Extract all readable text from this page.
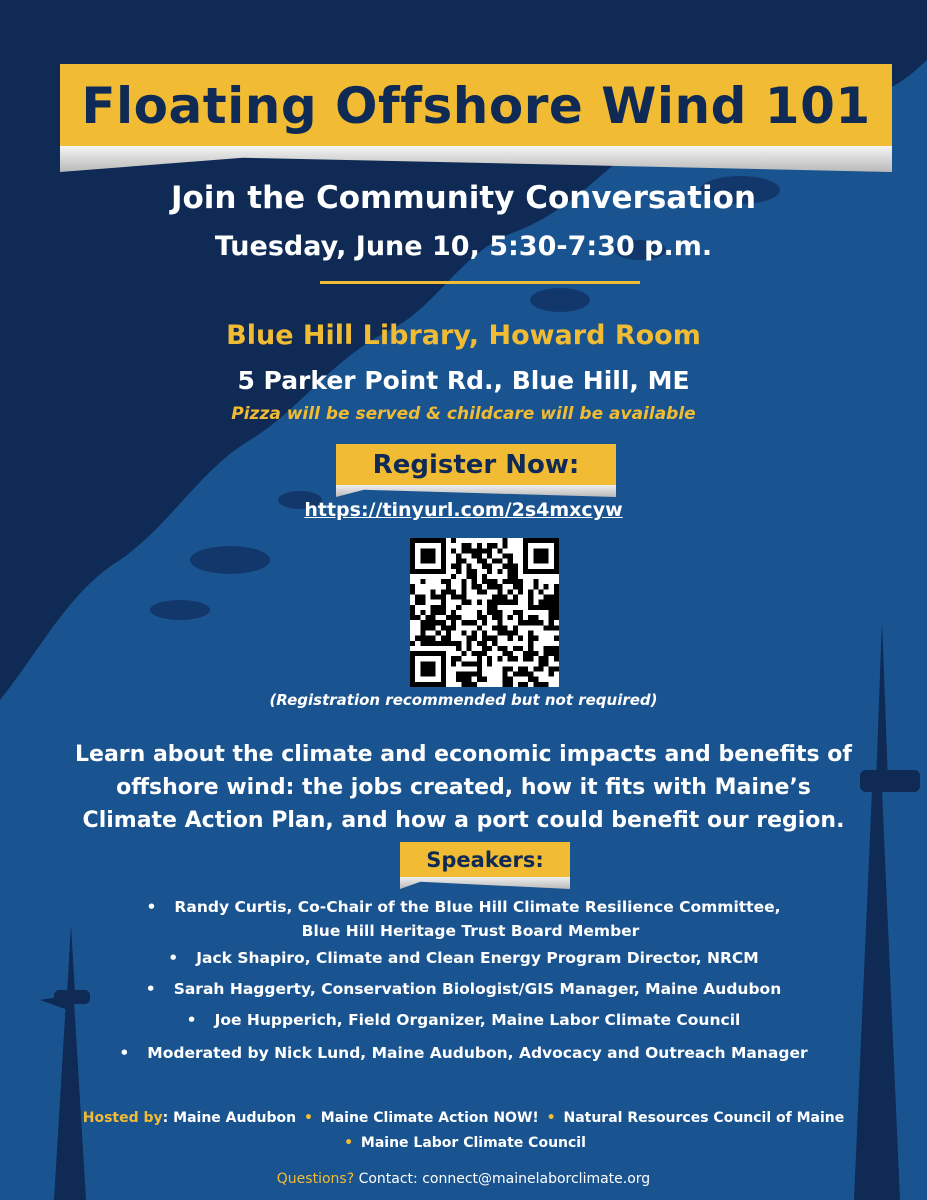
Floating Offshore Wind 101
Join the Community Conversation
Tuesday, June 10, 5:30-7:30 p.m.
Blue Hill Library, Howard Room
5 Parker Point Rd., Blue Hill, ME
Pizza will be served & childcare will be available
Register Now:
https://tinyurl.com/2s4mxcyw
(Registration recommended but not required)
Learn about the climate and economic impacts and benefits of
offshore wind: the jobs created, how it fits with Maine’s
Climate Action Plan, and how a port could benefit our region.
Speakers:
• Randy Curtis, Co-Chair of the Blue Hill Climate Resilience Committee,
Blue Hill Heritage Trust Board Member
• Jack Shapiro, Climate and Clean Energy Program Director, NRCM
• Sarah Haggerty, Conservation Biologist/GIS Manager, Maine Audubon
• Joe Hupperich, Field Organizer, Maine Labor Climate Council
• Moderated by Nick Lund, Maine Audubon, Advocacy and Outreach Manager
Hosted by: Maine Audubon • Maine Climate Action NOW! • Natural Resources Council of Maine
• Maine Labor Climate Council
Questions? Contact: connect@mainelaborclimate.org
